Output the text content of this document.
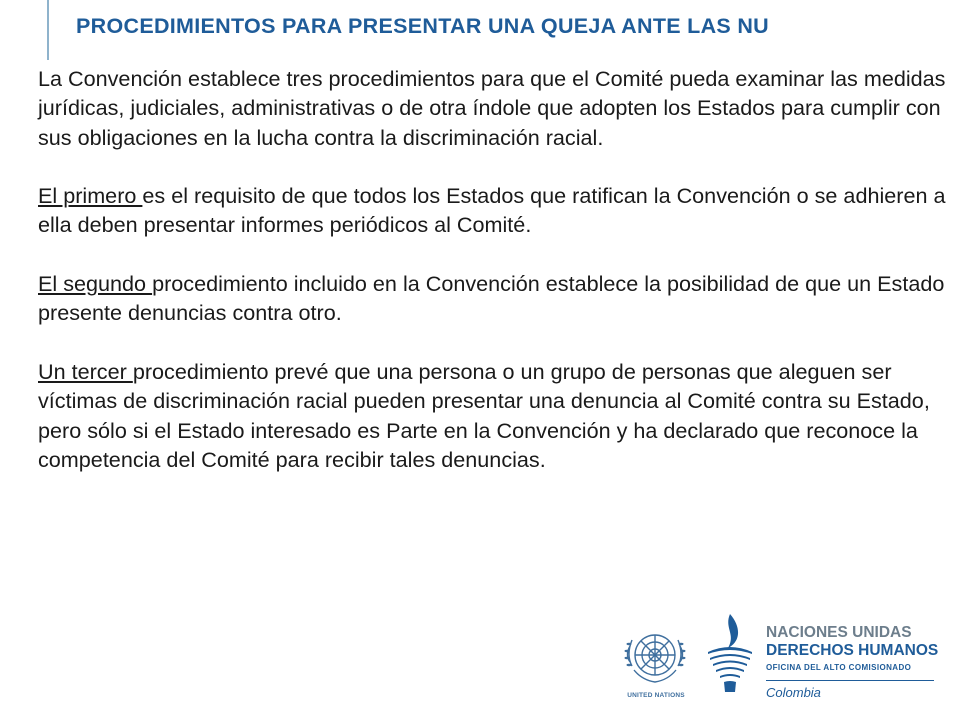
PROCEDIMIENTOS PARA PRESENTAR UNA QUEJA ANTE LAS NU

La Convención establece tres procedimientos para que el Comité pueda examinar las medidas jurídicas, judiciales, administrativas o de otra índole que adopten los Estados para cumplir con sus obligaciones en la lucha contra la discriminación racial.

El primero es el requisito de que todos los Estados que ratifican la Convención o se adhieren a ella deben presentar informes periódicos al Comité.

El segundo procedimiento incluido en la Convención establece la posibilidad de que un Estado presente denuncias contra otro.

Un tercer procedimiento prevé que una persona o un grupo de personas que aleguen ser víctimas de discriminación racial pueden presentar una denuncia al Comité contra su Estado, pero sólo si el Estado interesado es Parte en la Convención y ha declarado que reconoce la competencia del Comité para recibir tales denuncias.

UNITED NATIONS
NACIONES UNIDAS
DERECHOS HUMANOS
OFICINA DEL ALTO COMISIONADO
Colombia
